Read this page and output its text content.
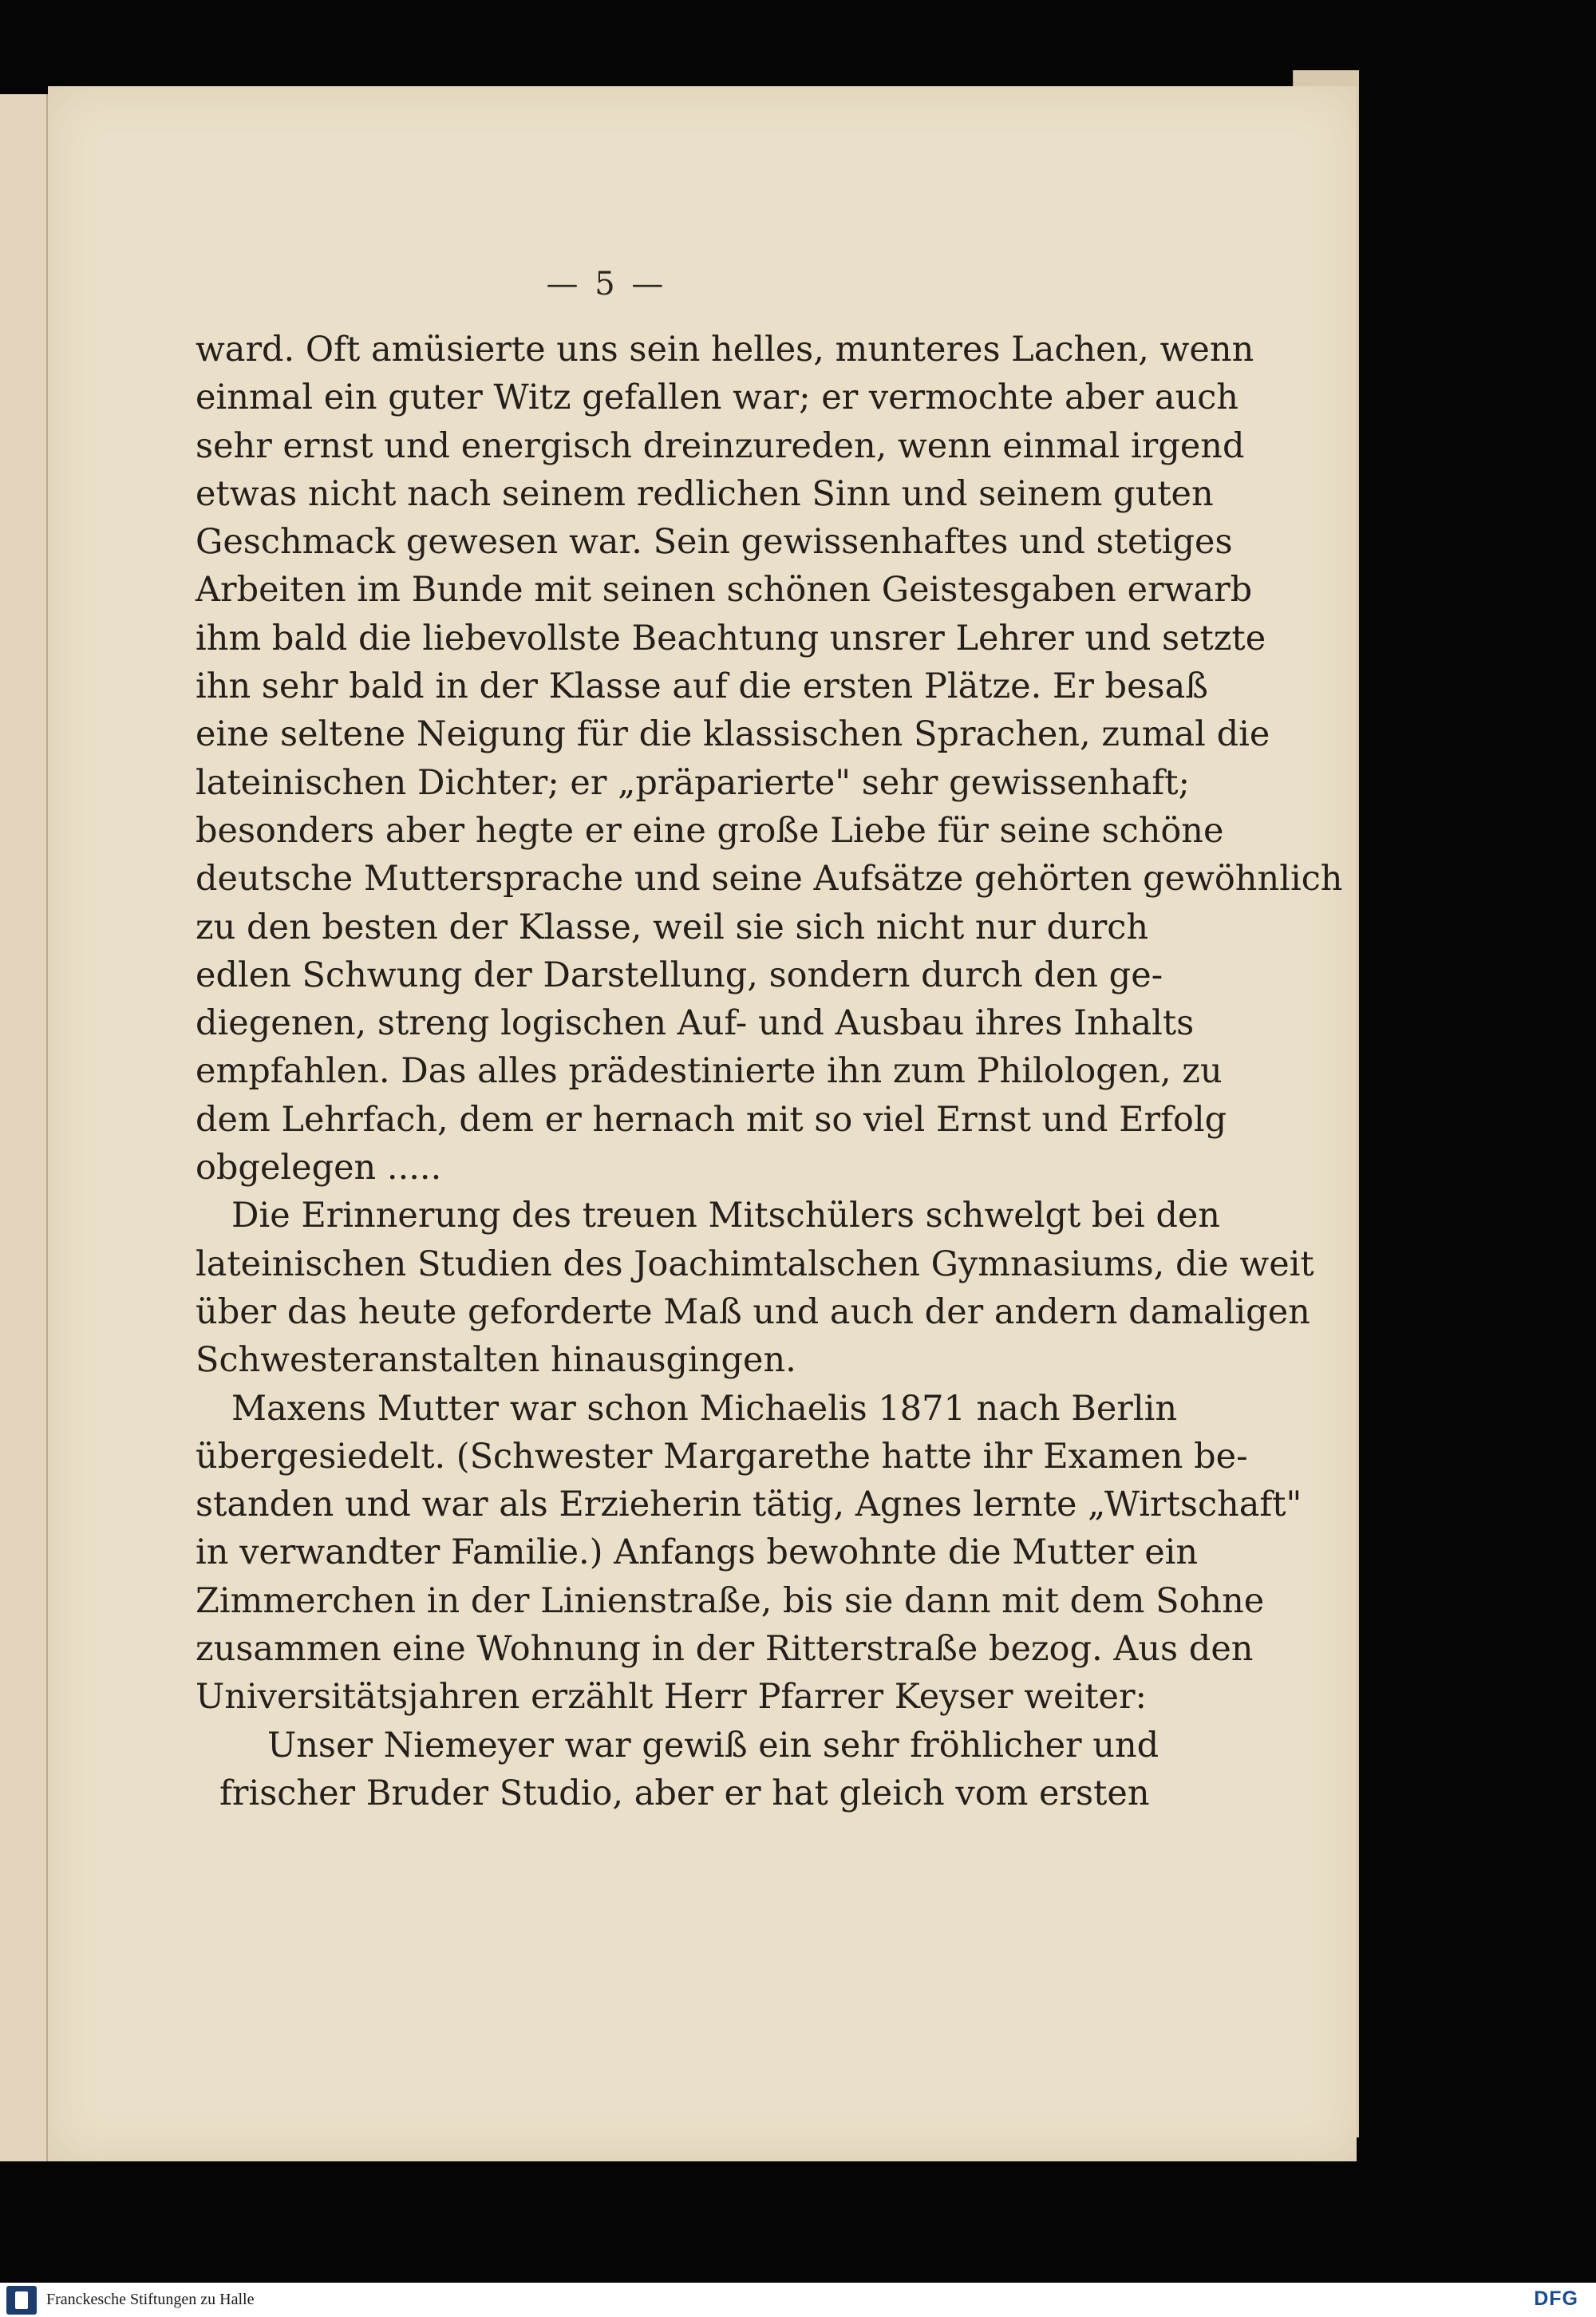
— 5 —
ward. Oft amüsierte uns sein helles, munteres Lachen, wenn
einmal ein guter Witz gefallen war; er vermochte aber auch
sehr ernst und energisch dreinzureden, wenn einmal irgend
etwas nicht nach seinem redlichen Sinn und seinem guten
Geschmack gewesen war. Sein gewissenhaftes und stetiges
Arbeiten im Bunde mit seinen schönen Geistesgaben erwarb
ihm bald die liebevollste Beachtung unsrer Lehrer und setzte
ihn sehr bald in der Klasse auf die ersten Plätze. Er besaß
eine seltene Neigung für die klassischen Sprachen, zumal die
lateinischen Dichter; er „präparierte" sehr gewissenhaft;
besonders aber hegte er eine große Liebe für seine schöne
deutsche Muttersprache und seine Aufsätze gehörten gewöhnlich
zu den besten der Klasse, weil sie sich nicht nur durch
edlen Schwung der Darstellung, sondern durch den ge-
diegenen, streng logischen Auf- und Ausbau ihres Inhalts
empfahlen. Das alles prädestinierte ihn zum Philologen, zu
dem Lehrfach, dem er hernach mit so viel Ernst und Erfolg
obgelegen .....
Die Erinnerung des treuen Mitschülers schwelgt bei den
lateinischen Studien des Joachimtalschen Gymnasiums, die weit
über das heute geforderte Maß und auch der andern damaligen
Schwesteranstalten hinausgingen.
Maxens Mutter war schon Michaelis 1871 nach Berlin
übergesiedelt. (Schwester Margarethe hatte ihr Examen be-
standen und war als Erzieherin tätig, Agnes lernte „Wirtschaft"
in verwandter Familie.) Anfangs bewohnte die Mutter ein
Zimmerchen in der Linienstraße, bis sie dann mit dem Sohne
zusammen eine Wohnung in der Ritterstraße bezog. Aus den
Universitätsjahren erzählt Herr Pfarrer Keyser weiter:
Unser Niemeyer war gewiß ein sehr fröhlicher und
frischer Bruder Studio, aber er hat gleich vom ersten
Franckesche Stiftungen zu Halle	DFG
